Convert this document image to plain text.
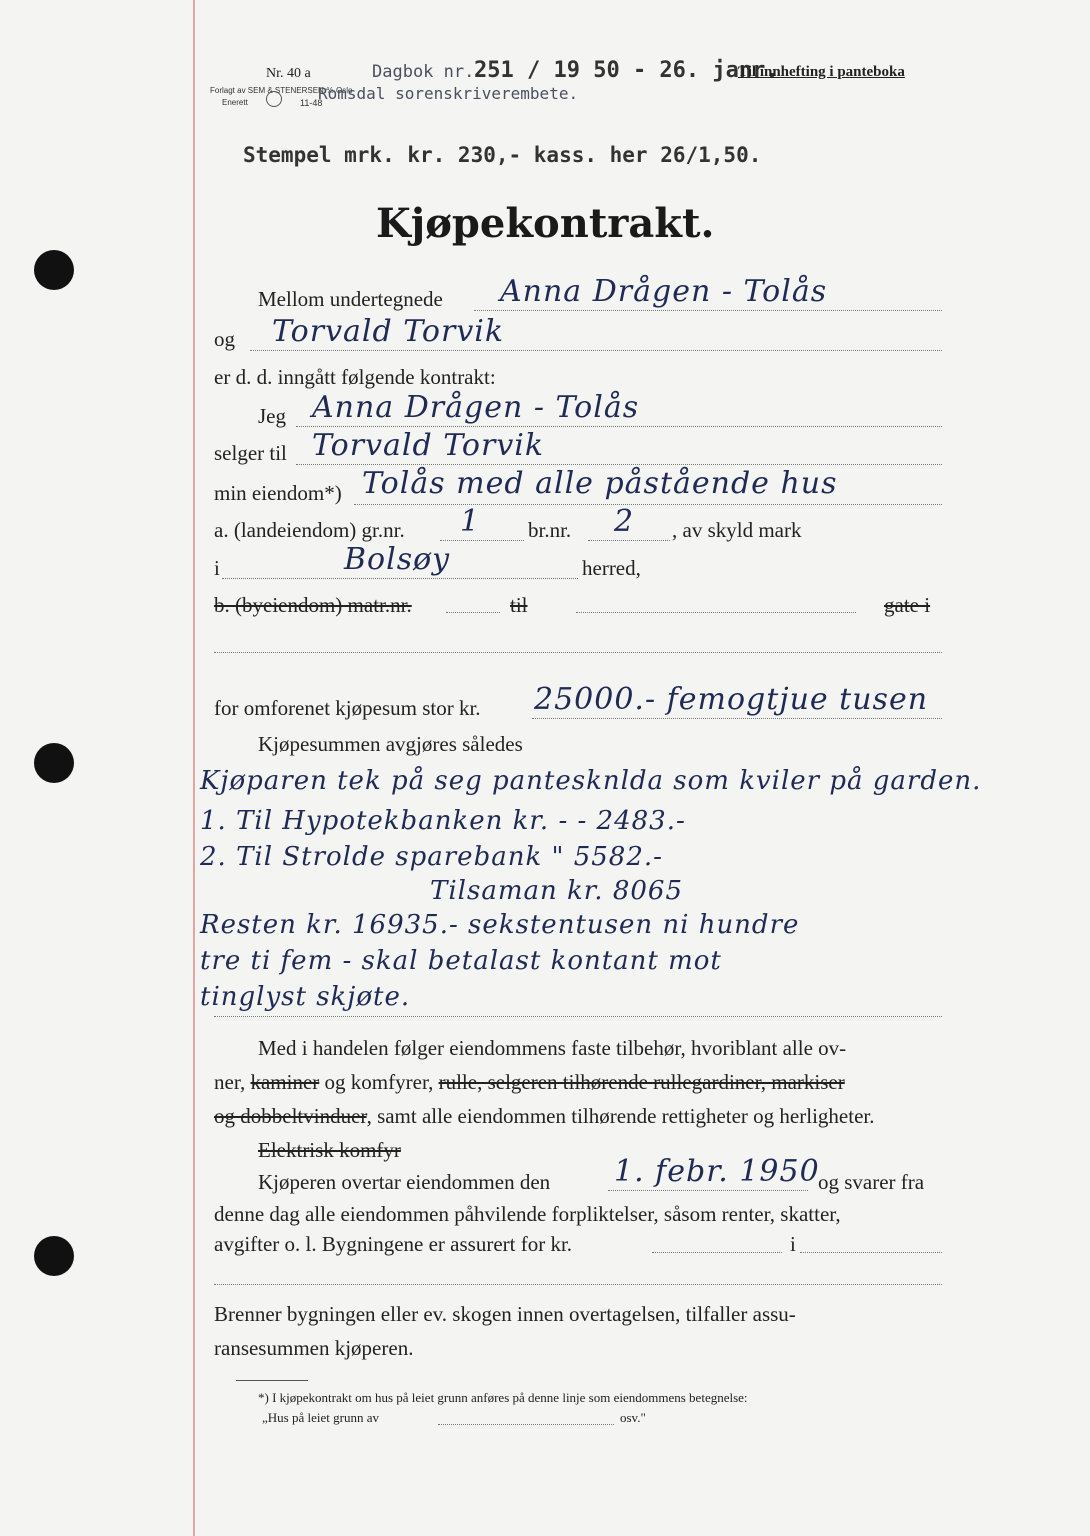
Nr. 40 a
Forlagt av SEM & STENERSEN ⅘ Oslo
Enerett	11-48
Dagbok nr. 251 / 19 50 - 26. janr.
Romsdal sorenskriverembete.
Til innhefting i panteboka
Stempel mrk. kr. 230,- kass. her 26/1,50.
Kjøpekontrakt.
Mellom undertegnede Anna Drågen - Tolås
og Torvald Torvik
er d. d. inngått følgende kontrakt:
Jeg Anna Drågen - Tolås
selger til Torvald Torvik
min eiendom*) Tolås med alle påstående hus
a. (landeiendom) gr.nr. 1 br.nr. 2 , av skyld mark
i	Bolsøy	herred,
b. (byeiendom) matr.nr.	til	gate i
for omforenet kjøpesum stor kr. 25000.- femogtjue tusen
Kjøpesummen avgjøres således
Kjøparen tek på seg pantesknlda som kviler på garden.
1. Til Hypotekbanken kr. - - 2483.-
2. Til Strolde sparebank " 5582.-
Tilsaman kr. 8065
Resten kr. 16935.- sekstentusen ni hundre
tre ti fem - skal betalast kontant mot
tinglyst skjøte.
Med i handelen følger eiendommens faste tilbehør, hvoriblant alle ov-
ner, kaminer og komfyrer, rulle, selgeren tilhørende rullegardiner, markiser
og dobbeltvinduer, samt alle eiendommen tilhørende rettigheter og herligheter.
Elektrisk komfyr
Kjøperen overtar eiendommen den 1. febr. 1950
og svarer fra
denne dag alle eiendommen påhvilende forpliktelser, såsom renter, skatter,
avgifter o. l. Bygningene er assurert for kr.	i
Brenner bygningen eller ev. skogen innen overtagelsen, tilfaller assu-
ransesummen kjøperen.
*) I kjøpekontrakt om hus på leiet grunn anføres på denne linje som eiendommens betegnelse:
„Hus på leiet grunn av	osv."
